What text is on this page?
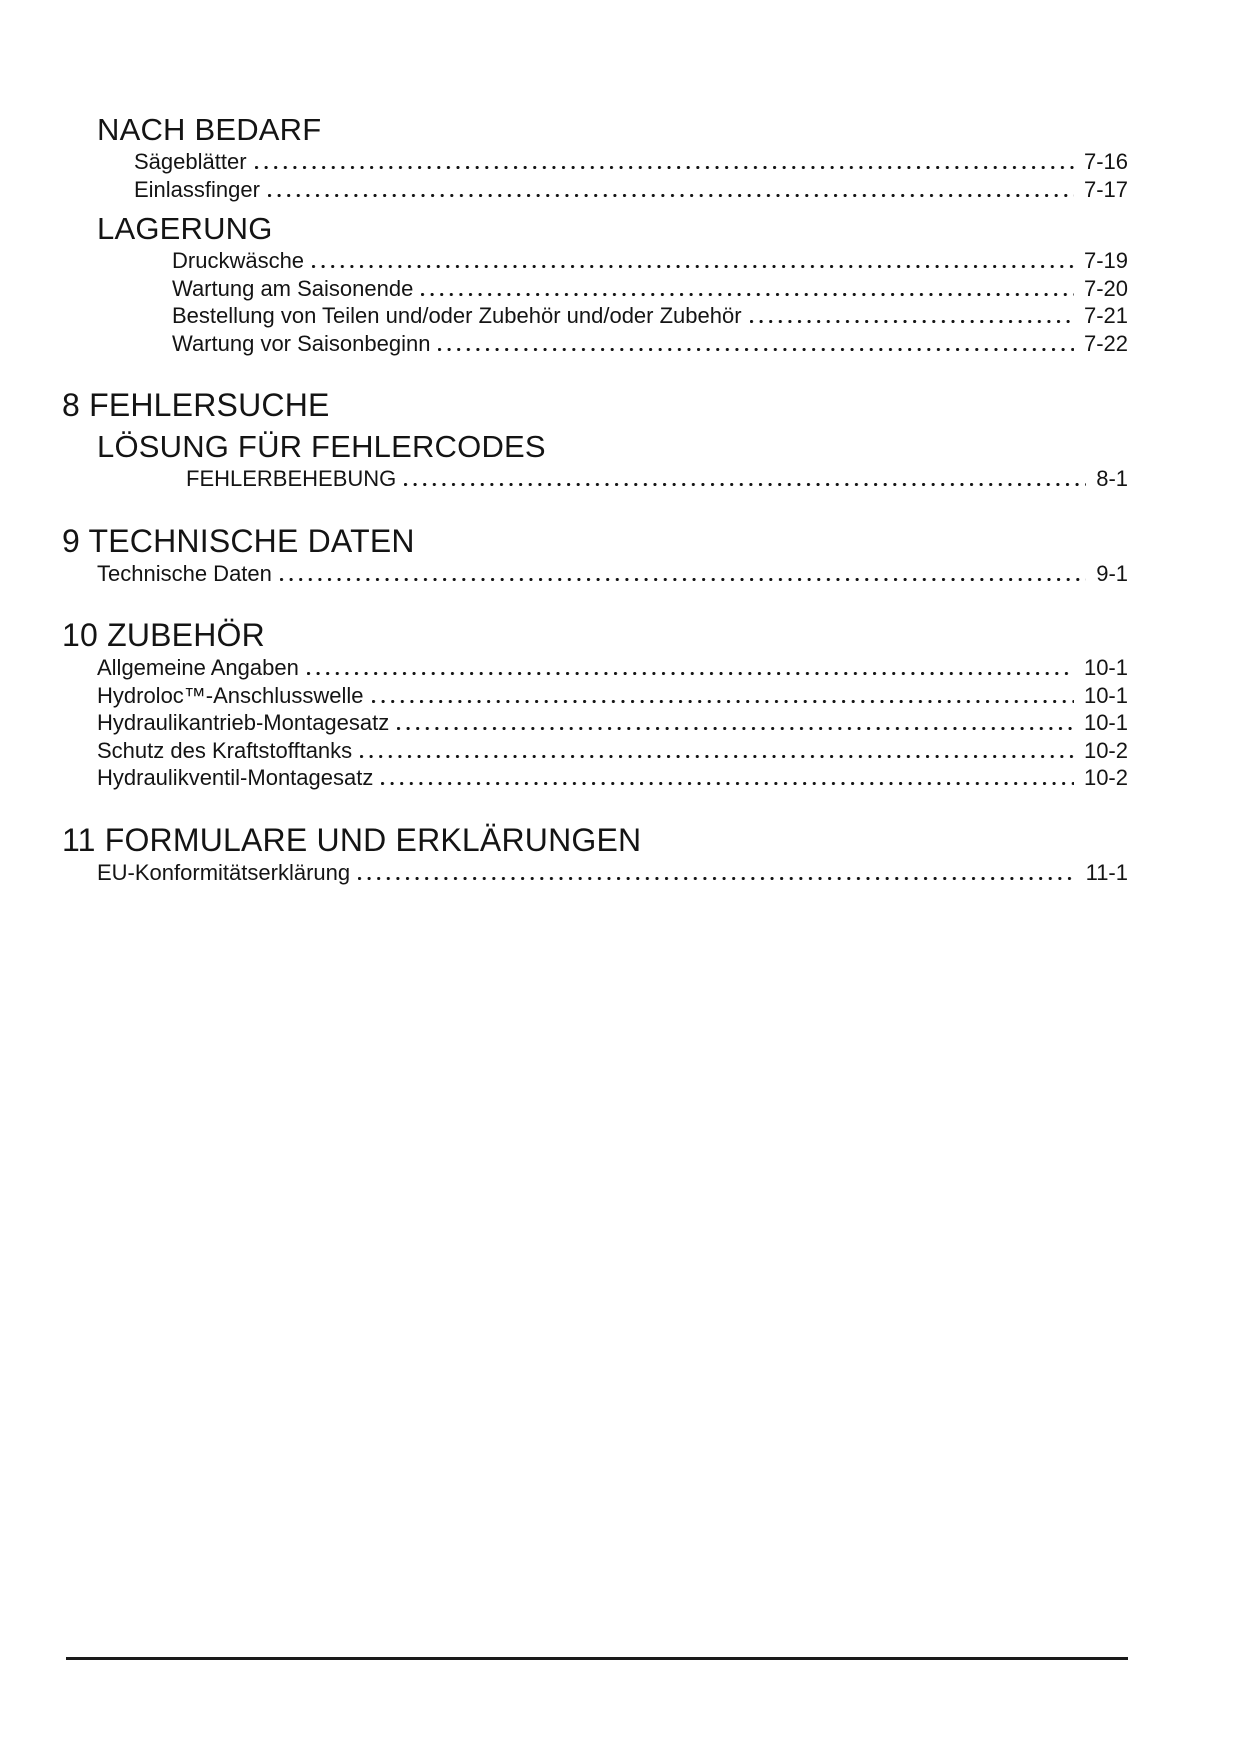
NACH BEDARF
Sägeblätter	7-16
Einlassfinger	7-17
LAGERUNG
Druckwäsche	7-19
Wartung am Saisonende	7-20
Bestellung von Teilen und/oder Zubehör und/oder Zubehör	7-21
Wartung vor Saisonbeginn	7-22
8 FEHLERSUCHE
LÖSUNG FÜR FEHLERCODES
FEHLERBEHEBUNG	8-1
9 TECHNISCHE DATEN
Technische Daten	9-1
10 ZUBEHÖR
Allgemeine Angaben	10-1
Hydroloc™-Anschlusswelle	10-1
Hydraulikantrieb-Montagesatz	10-1
Schutz des Kraftstofftanks	10-2
Hydraulikventil-Montagesatz	10-2
11 FORMULARE UND ERKLÄRUNGEN
EU-Konformitätserklärung	11-1
